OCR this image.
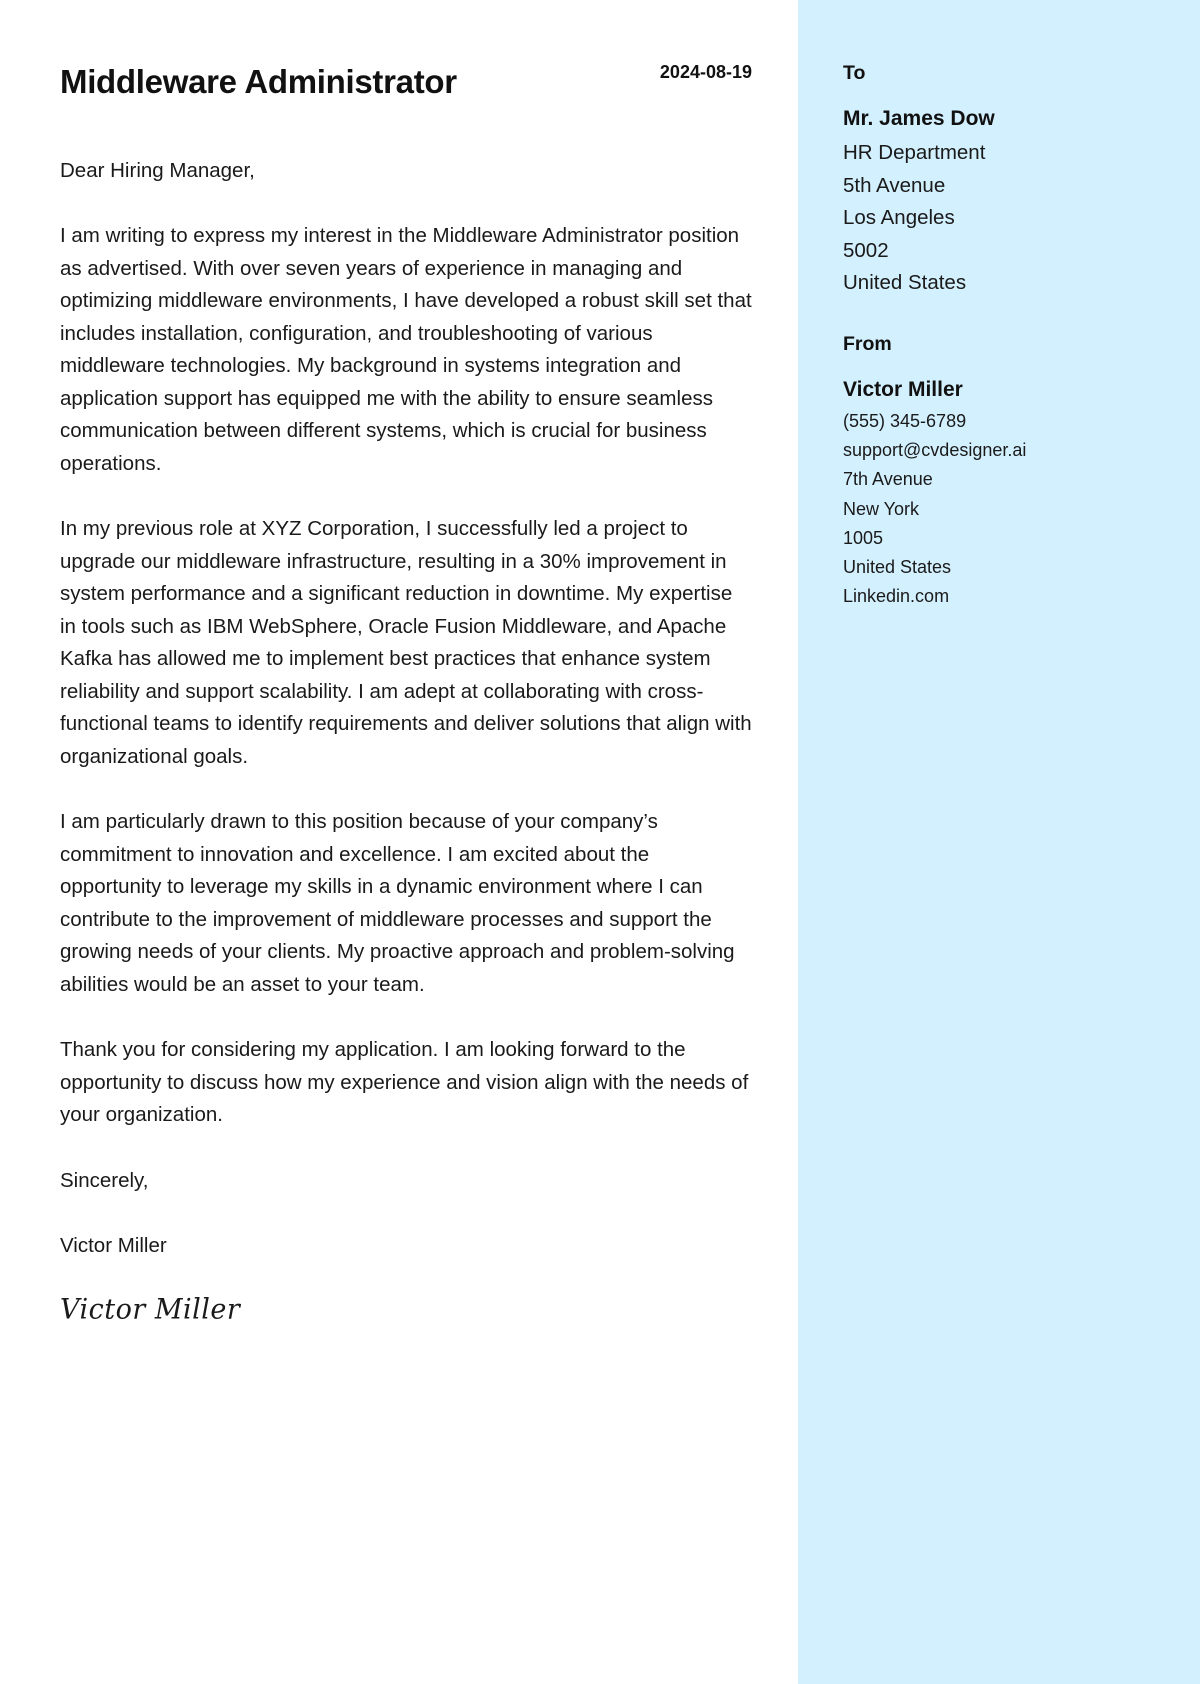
Middleware Administrator	2024-08-19

Dear Hiring Manager,

I am writing to express my interest in the Middleware Administrator position as advertised. With over seven years of experience in managing and optimizing middleware environments, I have developed a robust skill set that includes installation, configuration, and troubleshooting of various middleware technologies. My background in systems integration and application support has equipped me with the ability to ensure seamless communication between different systems, which is crucial for business operations.

In my previous role at XYZ Corporation, I successfully led a project to upgrade our middleware infrastructure, resulting in a 30% improvement in system performance and a significant reduction in downtime. My expertise in tools such as IBM WebSphere, Oracle Fusion Middleware, and Apache Kafka has allowed me to implement best practices that enhance system reliability and support scalability. I am adept at collaborating with cross-functional teams to identify requirements and deliver solutions that align with organizational goals.

I am particularly drawn to this position because of your company’s commitment to innovation and excellence. I am excited about the opportunity to leverage my skills in a dynamic environment where I can contribute to the improvement of middleware processes and support the growing needs of your clients. My proactive approach and problem-solving abilities would be an asset to your team.

Thank you for considering my application. I am looking forward to the opportunity to discuss how my experience and vision align with the needs of your organization.

Sincerely,

Victor Miller

Victor Miller
To

Mr. James Dow

HR Department
5th Avenue
Los Angeles
5002
United States
From

Victor Miller

(555) 345-6789
support@cvdesigner.ai
7th Avenue
New York
1005
United States
Linkedin.com
